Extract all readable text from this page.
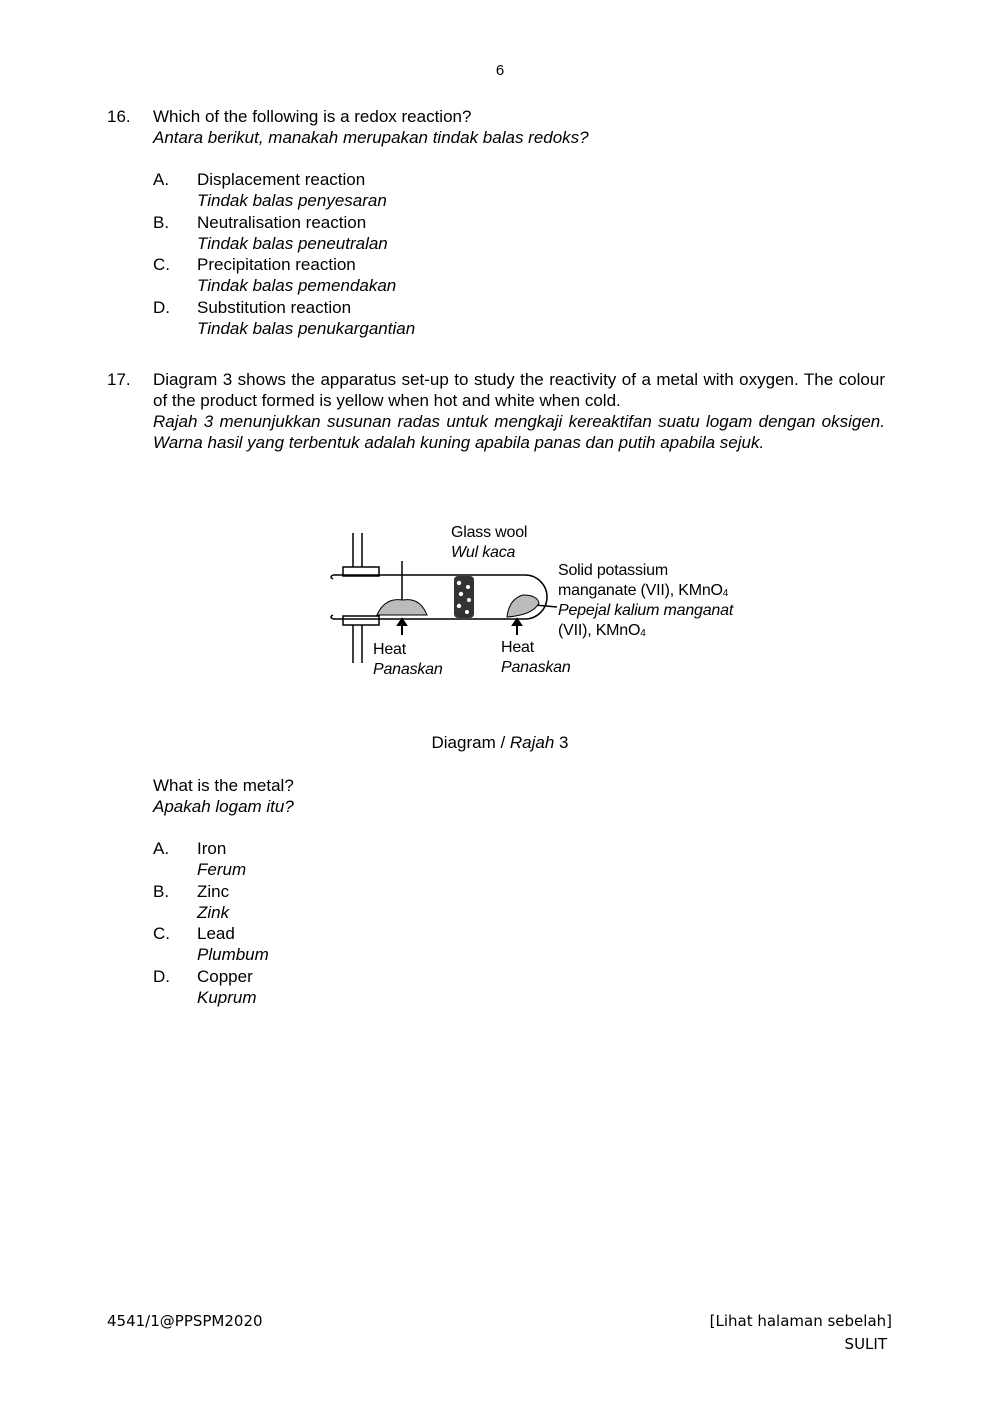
6
16. Which of the following is a redox reaction?
Antara berikut, manakah merupakan tindak balas redoks?
A. Displacement reaction
Tindak balas penyesaran
B. Neutralisation reaction
Tindak balas peneutralan
C. Precipitation reaction
Tindak balas pemendakan
D. Substitution reaction
Tindak balas penukargantian
17. Diagram 3 shows the apparatus set-up to study the reactivity of a metal with oxygen. The colour of the product formed is yellow when hot and white when cold.
Rajah 3 menunjukkan susunan radas untuk mengkaji kereaktifan suatu logam dengan oksigen. Warna hasil yang terbentuk adalah kuning apabila panas dan putih apabila sejuk.
Glass wool
Wul kaca
Solid potassium
manganate (VII), KMnO$_4$
Pepejal kalium manganat
(VII), KMnO$_4$
Heat
Panaskan
Heat
Panaskan
Diagram / Rajah 3
What is the metal?
Apakah logam itu?
A. Iron
Ferum
B. Zinc
Zink
C. Lead
Plumbum
D. Copper
Kuprum
4541/1@PPSPM2020	[Lihat halaman sebelah]
SULIT
